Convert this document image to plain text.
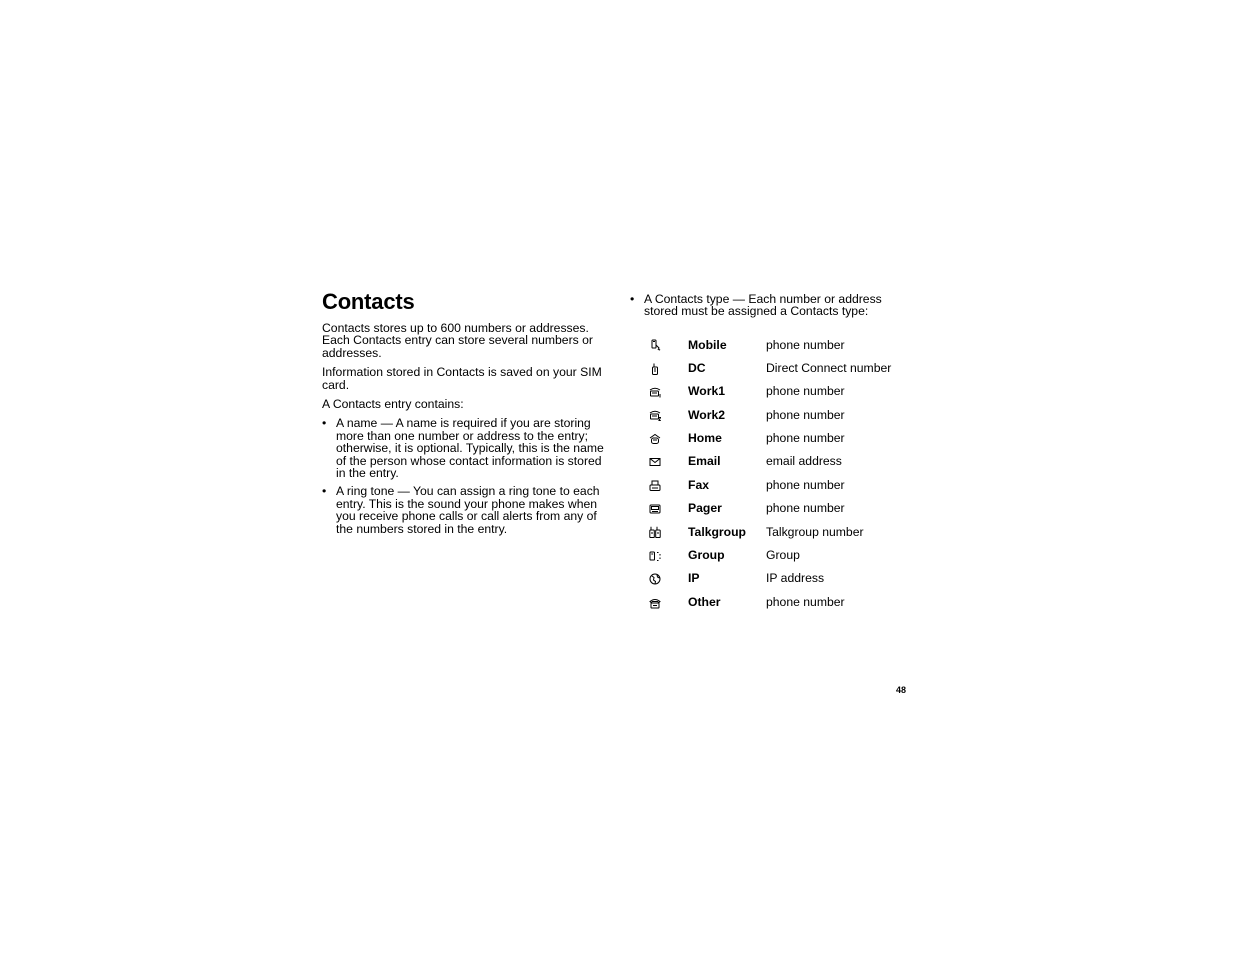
Contacts

Contacts stores up to 600 numbers or addresses. Each Contacts entry can store several numbers or addresses.

Information stored in Contacts is saved on your SIM card.

A Contacts entry contains:

• A name — A name is required if you are storing more than one number or address to the entry; otherwise, it is optional. Typically, this is the name of the person whose contact information is stored in the entry.
• A ring tone — You can assign a ring tone to each entry. This is the sound your phone makes when you receive phone calls or call alerts from any of the numbers stored in the entry.
• A Contacts type — Each number or address stored must be assigned a Contacts type:
	Mobile	phone number

	DC	Direct Connect number

	Work1	phone number

	Work2	phone number

	Home	phone number

	Email	email address

	Fax	phone number

	Pager	phone number

	Talkgroup	Talkgroup number

	Group	Group

	IP	IP address

	Other	phone number
48
